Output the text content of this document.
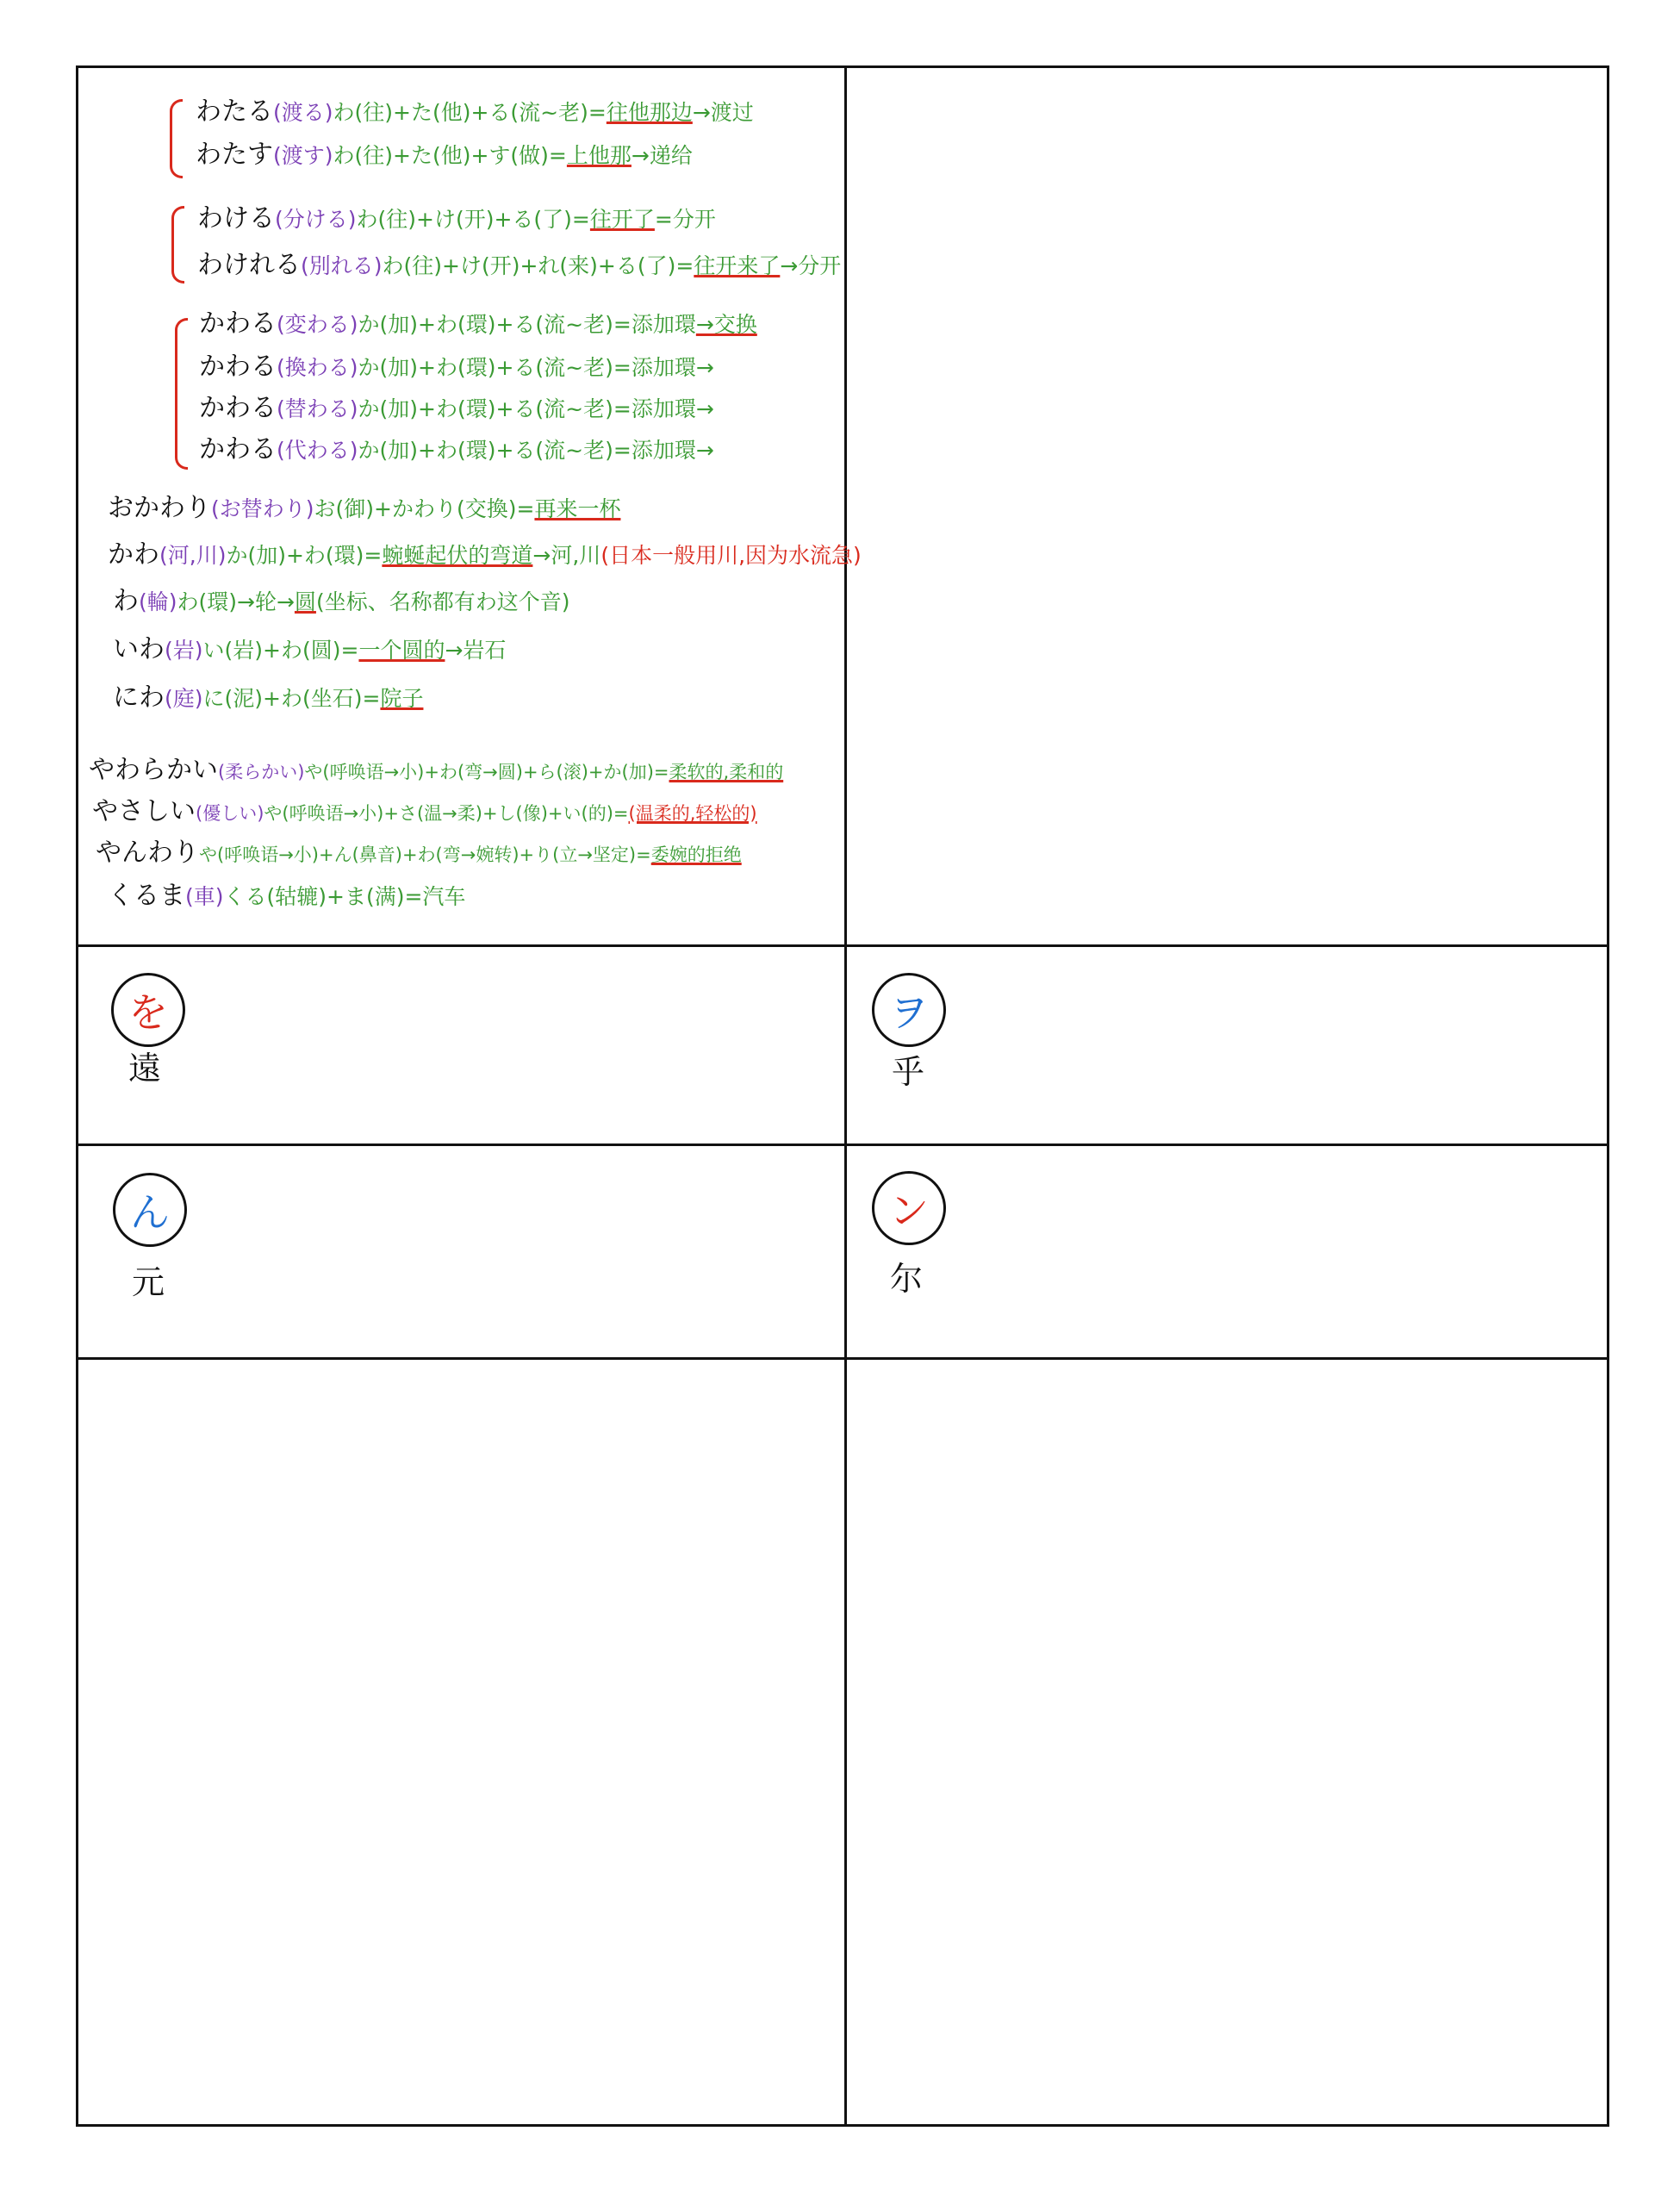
わたる(渡る)わ(往)+た(他)+る(流~老)=往他那边→渡过
わたす(渡す)わ(往)+た(他)+す(做)=上他那→递给
わける(分ける)わ(往)+け(开)+る(了)=往开了=分开
わけれる(別れる)わ(往)+け(开)+れ(来)+る(了)=往开来了→分开
かわる(変わる)か(加)+わ(環)+る(流~老)=添加環→交换
かわる(換わる)か(加)+わ(環)+る(流~老)=添加環→
かわる(替わる)か(加)+わ(環)+る(流~老)=添加環→
かわる(代わる)か(加)+わ(環)+る(流~老)=添加環→
おかわり(お替わり)お(御)+かわり(交換)=再来一杯
かわ(河,川)か(加)+わ(環)=蜿蜒起伏的弯道→河,川(日本一般用川,因为水流急)
わ(輪)わ(環)→轮→圆(坐标、名称都有わ这个音)
いわ(岩)い(岩)+わ(圆)=一个圆的→岩石
にわ(庭)に(泥)+わ(坐石)=院子
やわらかい(柔らかい)や(呼唤语→小)+わ(弯→圆)+ら(滚)+か(加)=柔软的,柔和的
やさしい(優しい)や(呼唤语→小)+さ(温→柔)+し(像)+い(的)=(温柔的,轻松的)
やんわりや(呼唤语→小)+ん(鼻音)+わ(弯→婉转)+り(立→坚定)=委婉的拒绝
くるま(車)くる(轱辘)+ま(满)=汽车
を
遠
ヲ
乎
ん
元
ン
尔
